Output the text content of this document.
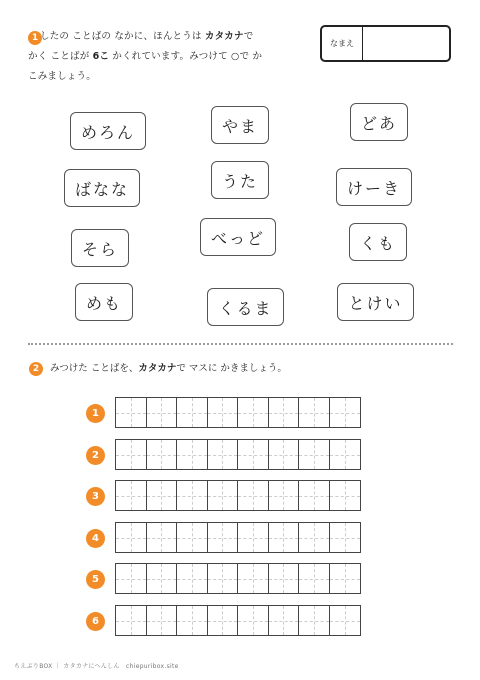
1 したの ことばの なかに、ほんとうは カタカナで
かく ことばが 6こ かくれています。みつけて ○で か
こみましょう。
なまえ
めろん	やま	どあ
ばなな	うた	けーき
そら
べっど	くも
めも	くるま	とけい
2	みつけた ことばを、カタカナで マスに かきましょう。
1
2
3
4
5
6
ちえぶりBOX ｜ カタカナにへんしん　chiepuribox.site
